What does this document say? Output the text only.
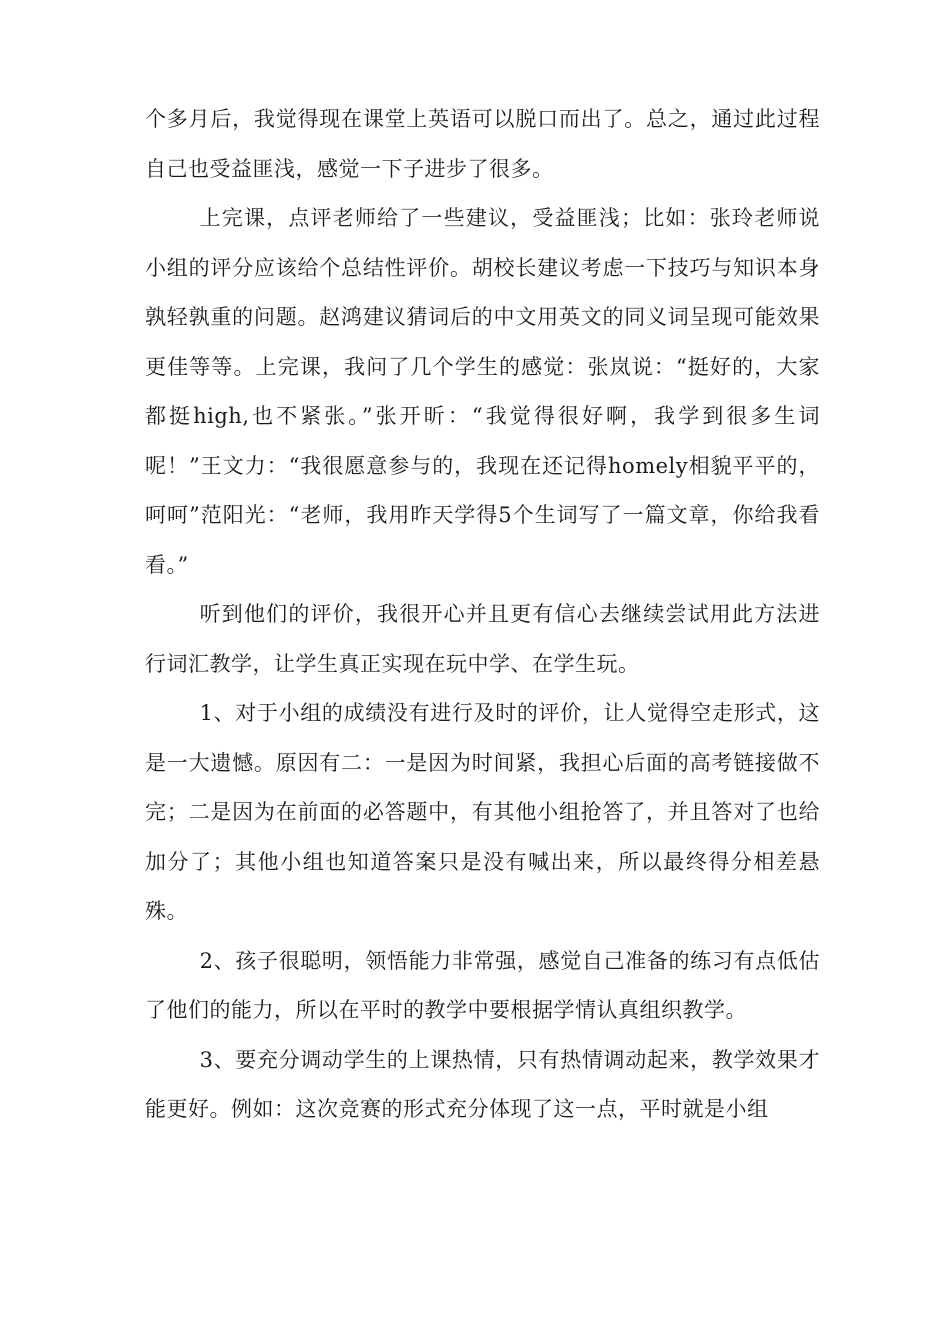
个多月后，我觉得现在课堂上英语可以脱口而出了。总之，通过此过程自己也受益匪浅，感觉一下子进步了很多。

上完课，点评老师给了一些建议，受益匪浅；比如：张玲老师说小组的评分应该给个总结性评价。胡校长建议考虑一下技巧与知识本身孰轻孰重的问题。赵鸿建议猜词后的中文用英文的同义词呈现可能效果更佳等等。上完课，我问了几个学生的感觉：张岚说：“挺好的，大家都挺high,也不紧张。”张开昕：“我觉得很好啊，我学到很多生词呢！”王文力：“我很愿意参与的，我现在还记得homely相貌平平的，呵呵”范阳光：“老师，我用昨天学得5个生词写了一篇文章，你给我看看。”

听到他们的评价，我很开心并且更有信心去继续尝试用此方法进行词汇教学，让学生真正实现在玩中学、在学生玩。

1、对于小组的成绩没有进行及时的评价，让人觉得空走形式，这是一大遗憾。原因有二：一是因为时间紧，我担心后面的高考链接做不完；二是因为在前面的必答题中，有其他小组抢答了，并且答对了也给加分了；其他小组也知道答案只是没有喊出来，所以最终得分相差悬殊。

2、孩子很聪明，领悟能力非常强，感觉自己准备的练习有点低估了他们的能力，所以在平时的教学中要根据学情认真组织教学。

3、要充分调动学生的上课热情，只有热情调动起来，教学效果才能更好。例如：这次竞赛的形式充分体现了这一点，平时就是小组
